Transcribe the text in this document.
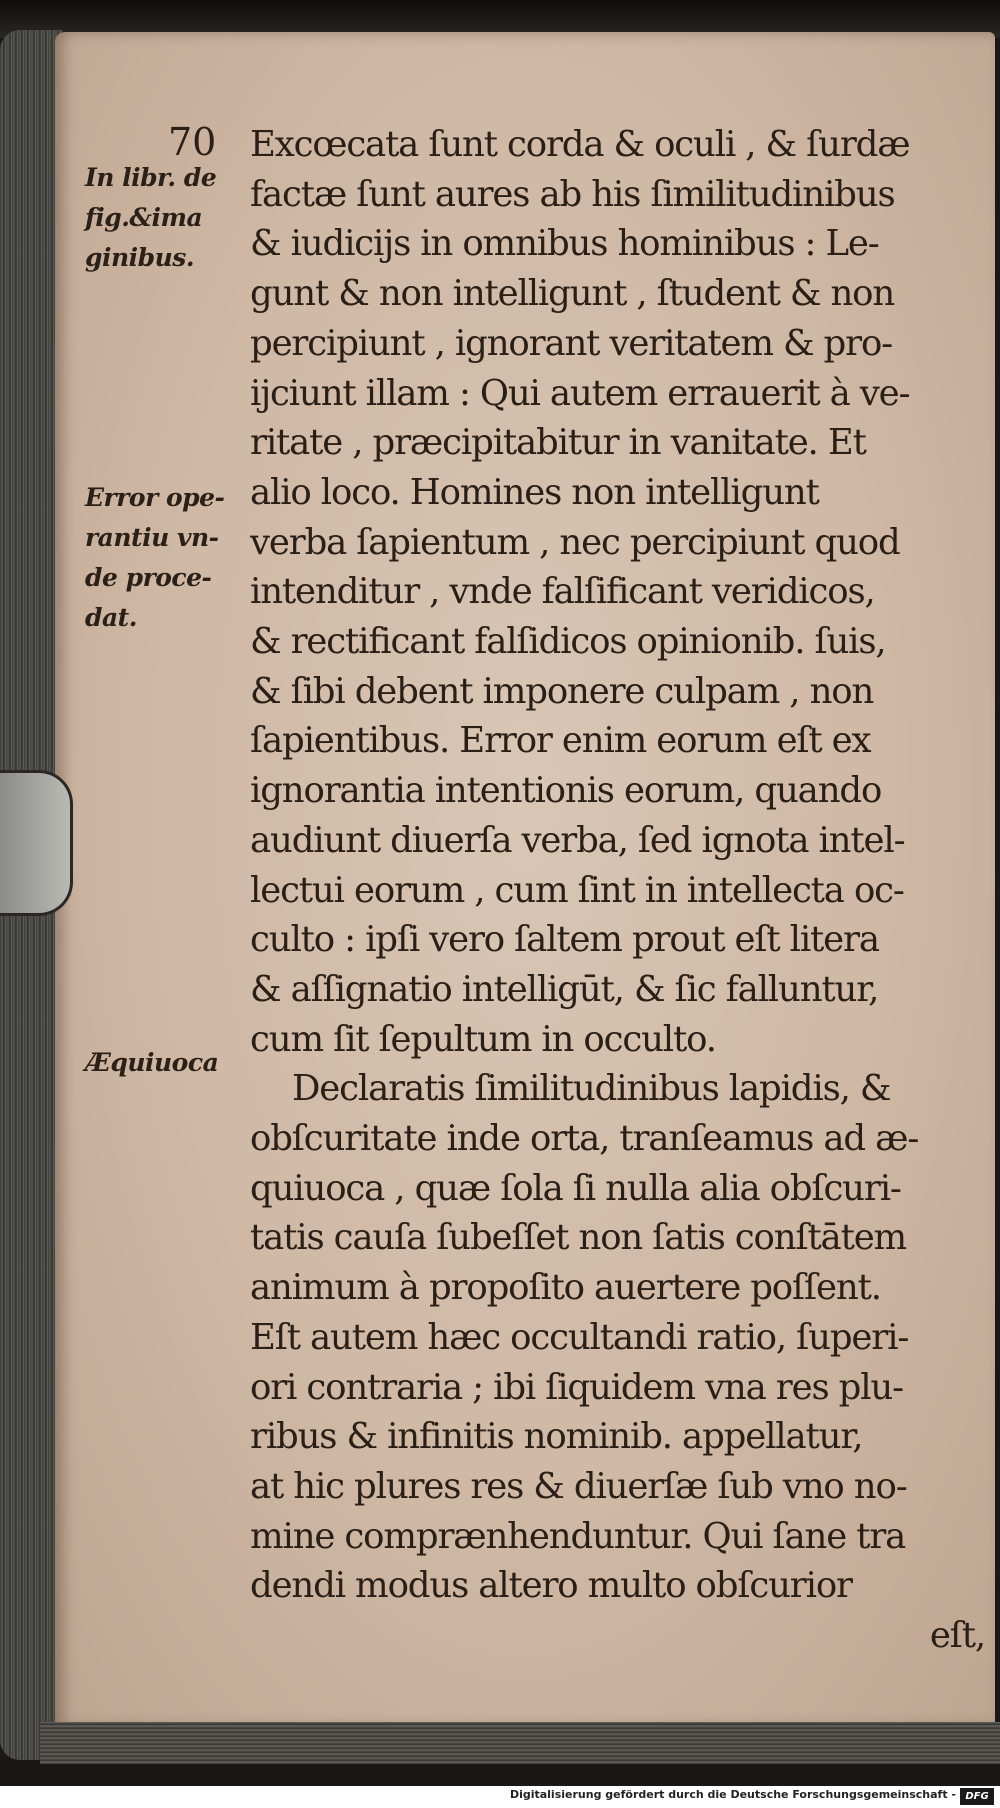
70
In libr. de
fig.&ima
ginibus.
Error ope-
rantiu vn-
de proce-
dat.
Æquiuoca
Excœcata ſunt corda & oculi , & ſurdæ
factæ ſunt aures ab his ſimilitudinibus
& iudicijs in omnibus hominibus : Le-
gunt & non intelligunt , ſtudent & non
percipiunt , ignorant veritatem & pro-
ijciunt illam : Qui autem errauerit à ve-
ritate , præcipitabitur in vanitate. Et
alio loco. Homines non intelligunt
verba ſapientum , nec percipiunt quod
intenditur , vnde falſificant veridicos,
& rectificant falſidicos opinionib. ſuis,
& ſibi debent imponere culpam , non
ſapientibus. Error enim eorum eſt ex
ignorantia intentionis eorum, quando
audiunt diuerſa verba, ſed ignota intel-
lectui eorum , cum ſint in intellecta oc-
culto : ipſi vero ſaltem prout eſt litera
& aſſignatio intelligūt, & ſic falluntur,
cum ſit ſepultum in occulto.
Declaratis ſimilitudinibus lapidis, &
obſcuritate inde orta, tranſeamus ad æ-
quiuoca , quæ ſola ſi nulla alia obſcuri-
tatis cauſa ſubeſſet non ſatis conſtātem
animum à propoſito auertere poſſent.
Eſt autem hæc occultandi ratio, ſuperi-
ori contraria ; ibi ſiquidem vna res plu-
ribus & infinitis nominib. appellatur,
at hic plures res & diuerſæ ſub vno no-
mine comprænhenduntur. Qui ſane tra
dendi modus altero multo obſcurior
eſt,
Digitalisierung gefördert durch die Deutsche Forschungsgemeinschaft - DFG
